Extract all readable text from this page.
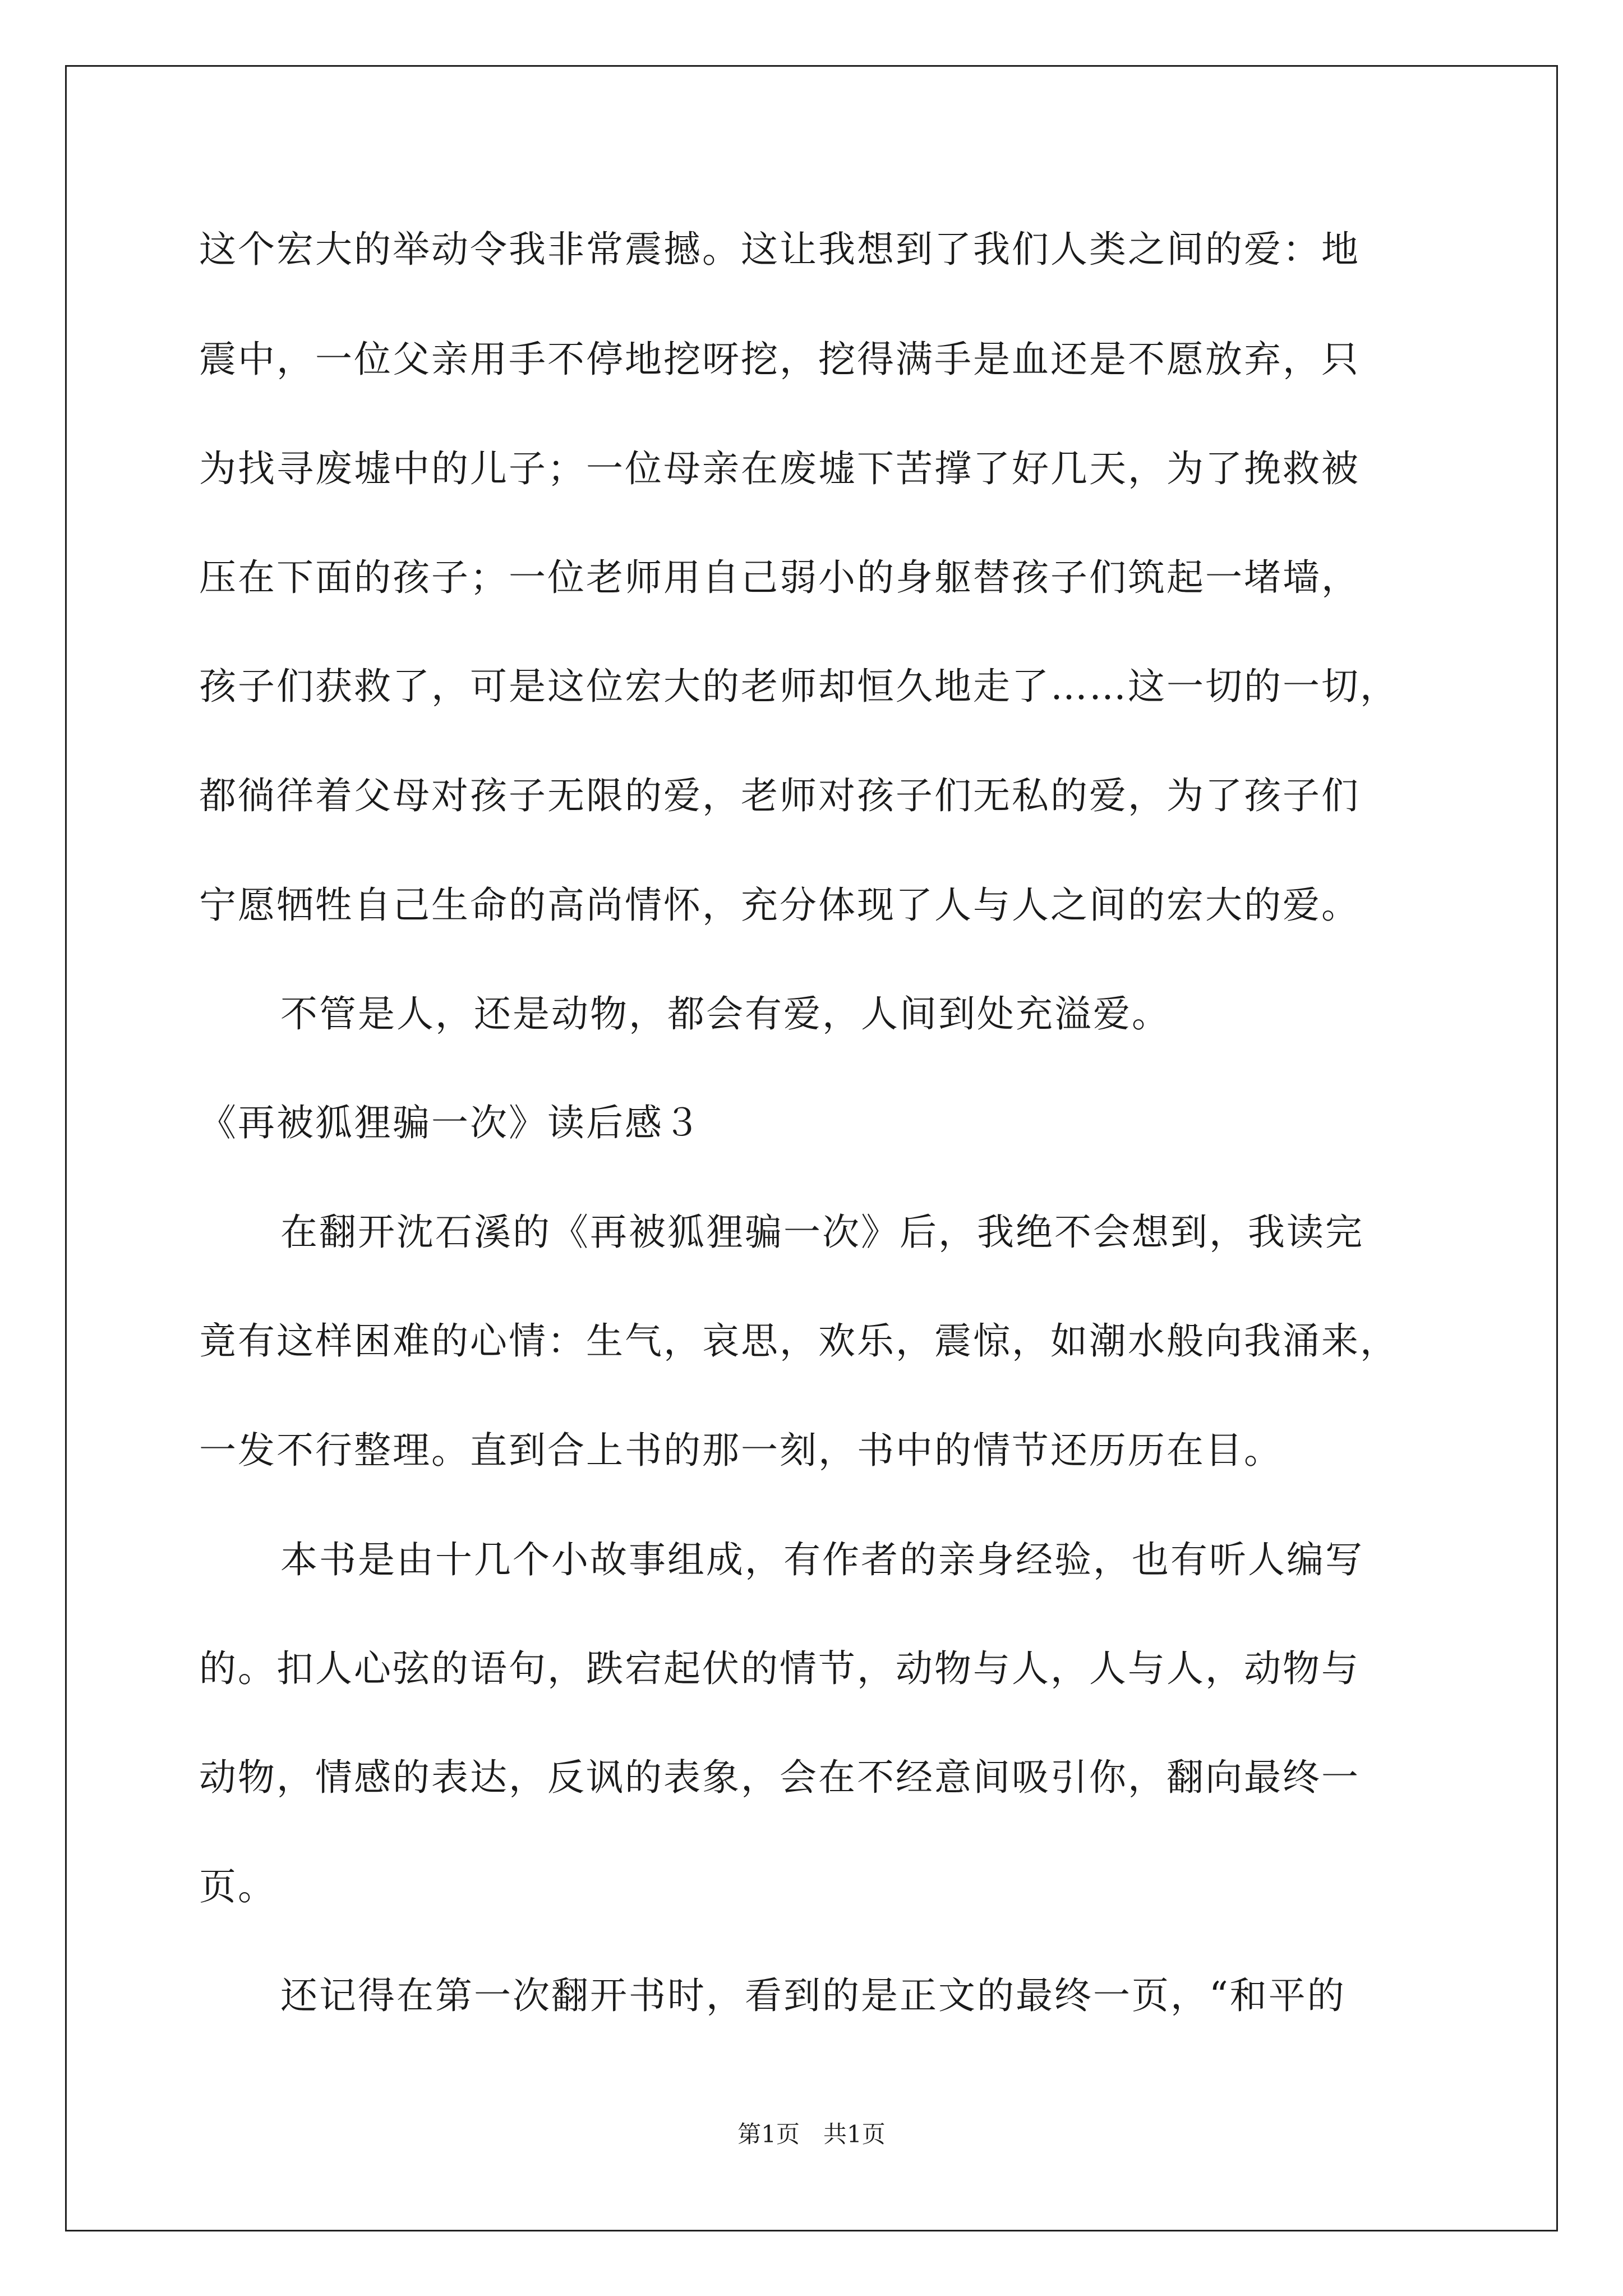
这个宏大的举动令我非常震撼。这让我想到了我们人类之间的爱：地
震中，一位父亲用手不停地挖呀挖，挖得满手是血还是不愿放弃，只
为找寻废墟中的儿子；一位母亲在废墟下苦撑了好几天，为了挽救被
压在下面的孩子；一位老师用自己弱小的身躯替孩子们筑起一堵墙，
孩子们获救了，可是这位宏大的老师却恒久地走了……这一切的一切，
都徜徉着父母对孩子无限的爱，老师对孩子们无私的爱，为了孩子们
宁愿牺牲自己生命的高尚情怀，充分体现了人与人之间的宏大的爱。
不管是人，还是动物，都会有爱，人间到处充溢爱。
《再被狐狸骗一次》读后感３
在翻开沈石溪的《再被狐狸骗一次》后，我绝不会想到，我读完
竟有这样困难的心情：生气，哀思，欢乐，震惊，如潮水般向我涌来，
一发不行整理。直到合上书的那一刻，书中的情节还历历在目。
本书是由十几个小故事组成，有作者的亲身经验，也有听人编写
的。扣人心弦的语句，跌宕起伏的情节，动物与人，人与人，动物与
动物，情感的表达，反讽的表象，会在不经意间吸引你，翻向最终一
页。
还记得在第一次翻开书时，看到的是正文的最终一页，“和平的
第1页　共1页
